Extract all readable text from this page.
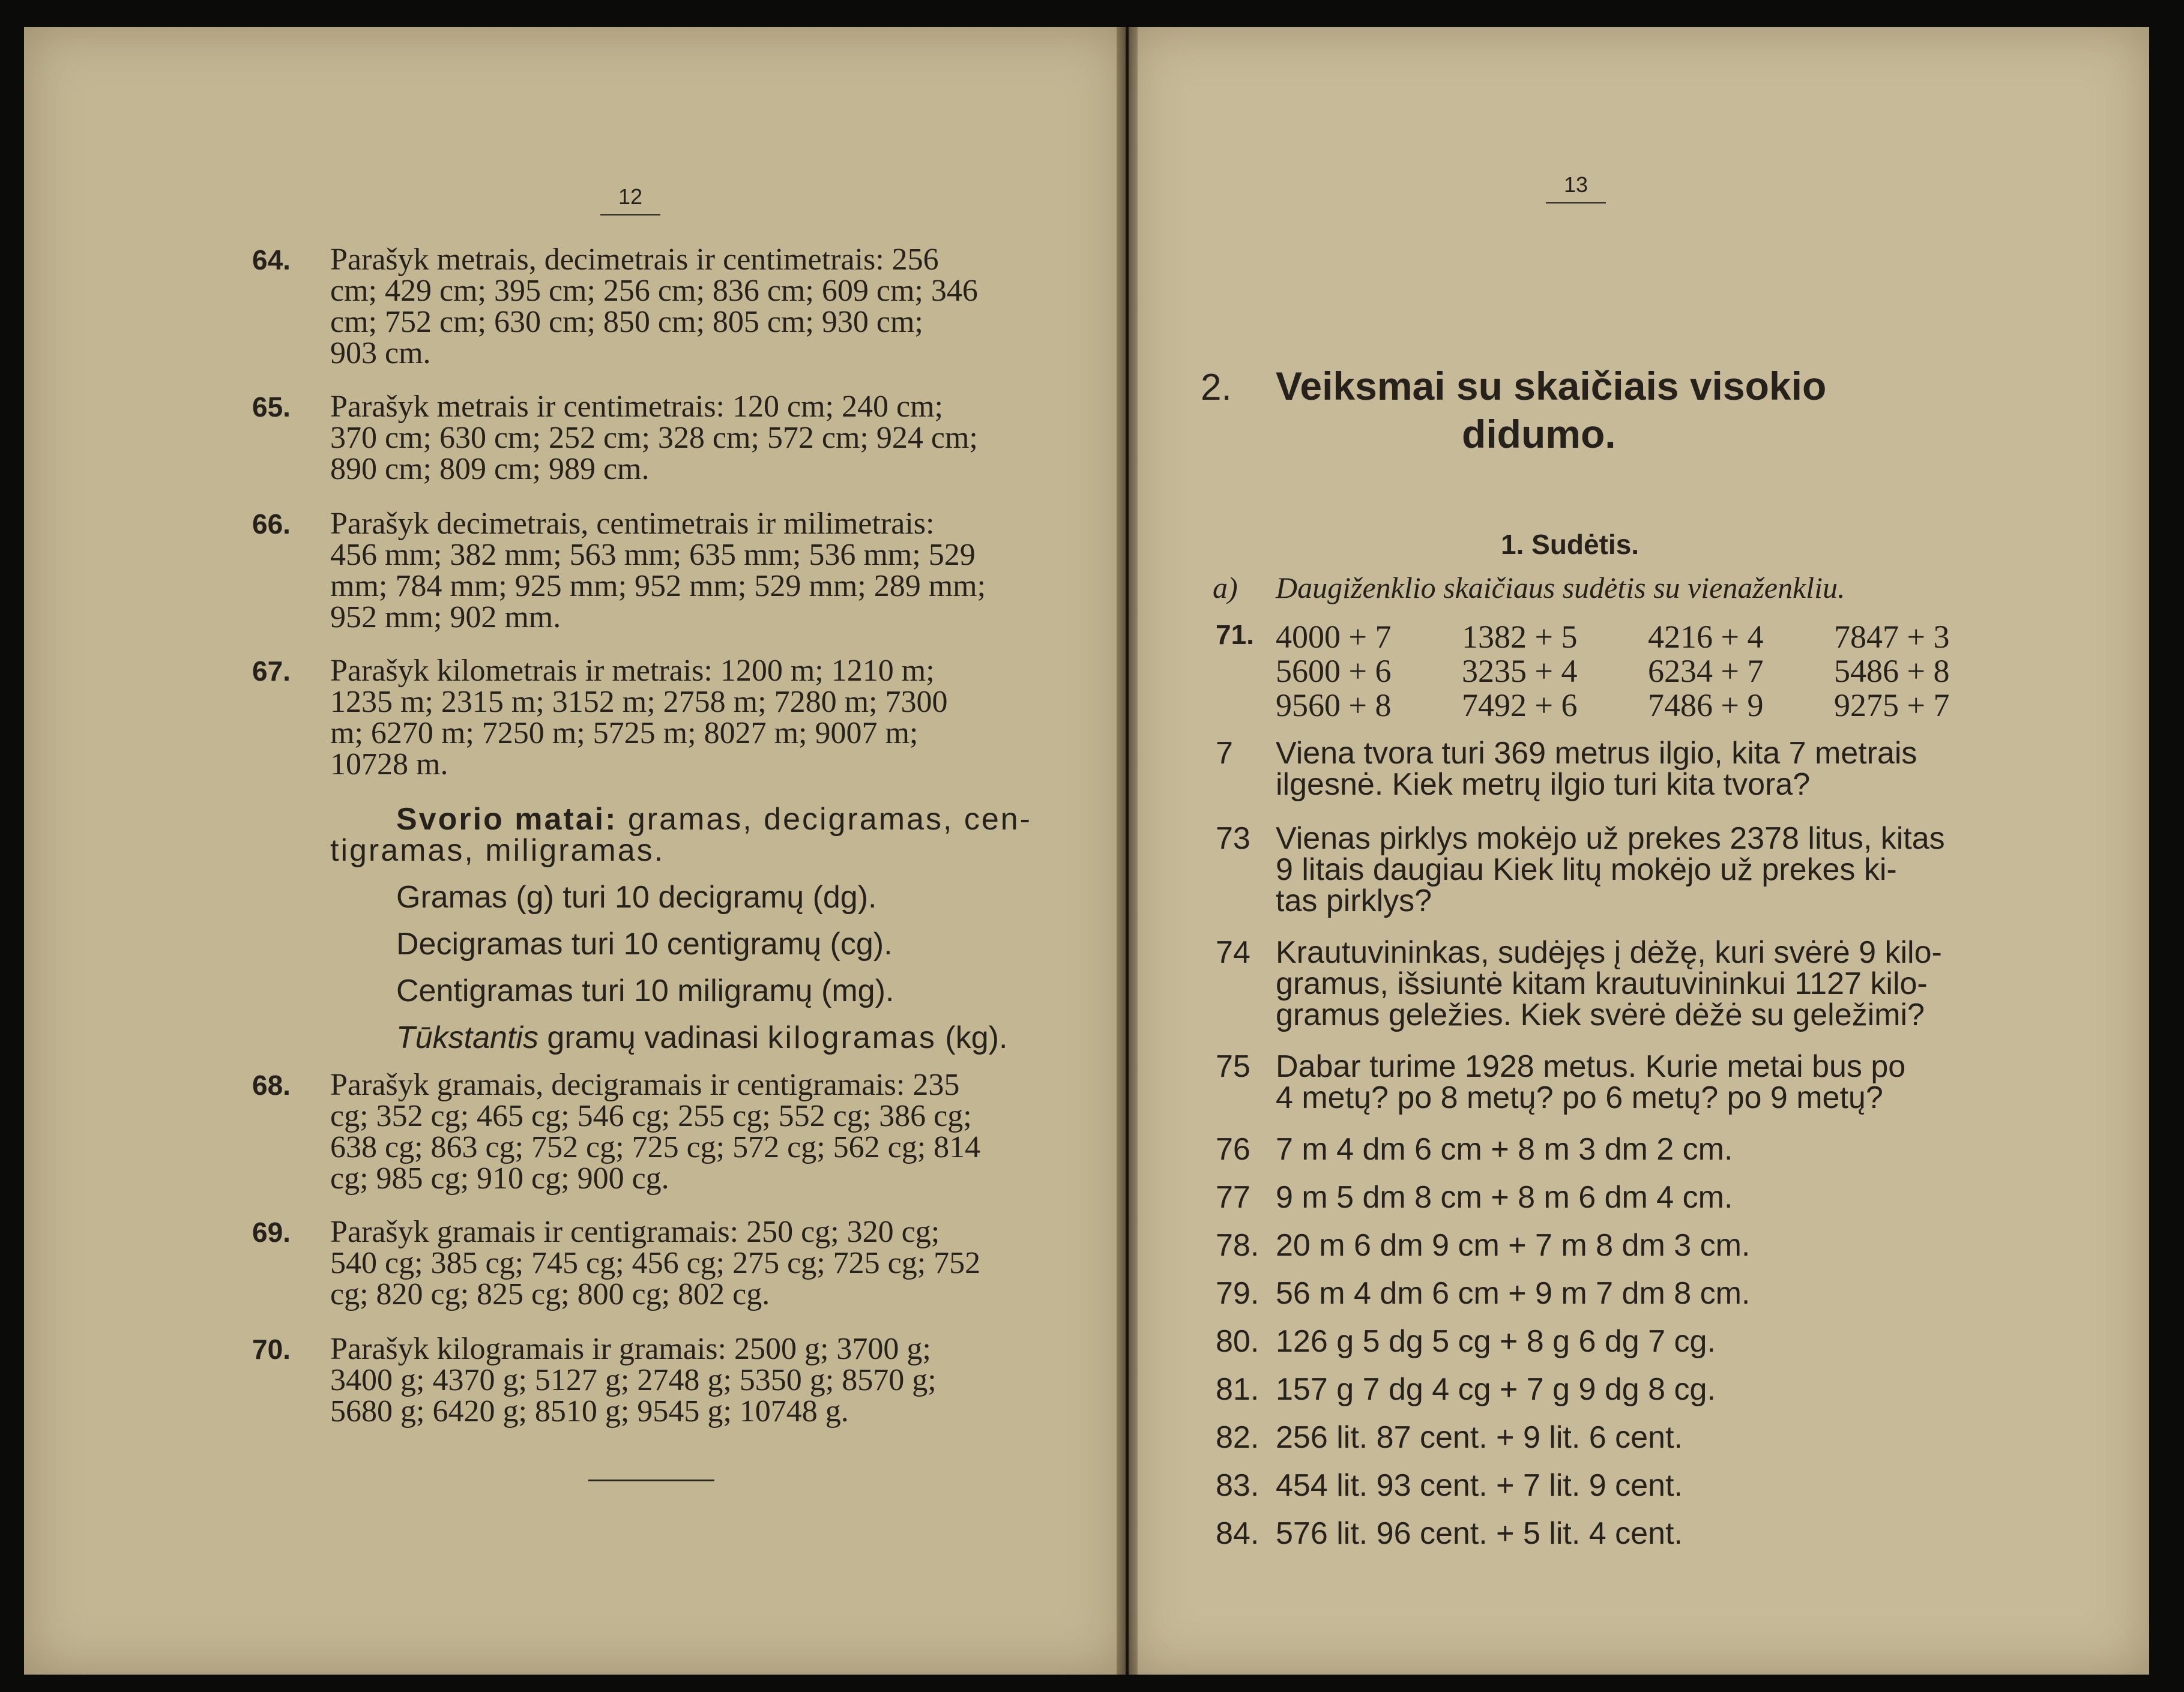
12
64. Parašyk metrais, decimetrais ir centimetrais: 256
cm; 429 cm; 395 cm; 256 cm; 836 cm; 609 cm; 346
cm; 752 cm; 630 cm; 850 cm; 805 cm; 930 cm;
903 cm.
65. Parašyk metrais ir centimetrais: 120 cm; 240 cm;
370 cm; 630 cm; 252 cm; 328 cm; 572 cm; 924 cm;
890 cm; 809 cm; 989 cm.
66. Parašyk decimetrais, centimetrais ir milimetrais:
456 mm; 382 mm; 563 mm; 635 mm; 536 mm; 529
mm; 784 mm; 925 mm; 952 mm; 529 mm; 289 mm;
952 mm; 902 mm.
67. Parašyk kilometrais ir metrais: 1200 m; 1210 m;
1235 m; 2315 m; 3152 m; 2758 m; 7280 m; 7300
m; 6270 m; 7250 m; 5725 m; 8027 m; 9007 m;
10728 m.
Svorio matai: gramas, decigramas, cen-
tigramas, miligramas.
Gramas (g) turi 10 decigramų (dg).
Decigramas turi 10 centigramų (cg).
Centigramas turi 10 miligramų (mg).
Tūkstantis gramų vadinasi kilogramas (kg).
68. Parašyk gramais, decigramais ir centigramais: 235
cg; 352 cg; 465 cg; 546 cg; 255 cg; 552 cg; 386 cg;
638 cg; 863 cg; 752 cg; 725 cg; 572 cg; 562 cg; 814
cg; 985 cg; 910 cg; 900 cg.
69. Parašyk gramais ir centigramais: 250 cg; 320 cg;
540 cg; 385 cg; 745 cg; 456 cg; 275 cg; 725 cg; 752
cg; 820 cg; 825 cg; 800 cg; 802 cg.
70. Parašyk kilogramais ir gramais: 2500 g; 3700 g;
3400 g; 4370 g; 5127 g; 2748 g; 5350 g; 8570 g;
5680 g; 6420 g; 8510 g; 9545 g; 10748 g.
13
2. Veiksmai su skaičiais visokio
didumo.
1. Sudėtis.
a) Daugiženklio skaičiaus sudėtis su vienaženkliu.
71. 4000 + 7 1382 + 5 4216 + 4 7847 + 3
5600 + 6 3235 + 4 6234 + 7 5486 + 8
9560 + 8 7492 + 6 7486 + 9 9275 + 7
7 Viena tvora turi 369 metrus ilgio, kita 7 metrais
ilgesnė. Kiek metrų ilgio turi kita tvora?
73 Vienas pirklys mokėjo už prekes 2378 litus, kitas
9 litais daugiau Kiek litų mokėjo už prekes ki-
tas pirklys?
74 Krautuvininkas, sudėjęs į dėžę, kuri svėrė 9 kilo-
gramus, išsiuntė kitam krautuvininkui 1127 kilo-
gramus geležies. Kiek svėrė dėžė su geležimi?
75 Dabar turime 1928 metus. Kurie metai bus po
4 metų? po 8 metų? po 6 metų? po 9 metų?
76 7 m 4 dm 6 cm + 8 m 3 dm 2 cm.
77 9 m 5 dm 8 cm + 8 m 6 dm 4 cm.
78. 20 m 6 dm 9 cm + 7 m 8 dm 3 cm.
79. 56 m 4 dm 6 cm + 9 m 7 dm 8 cm.
80. 126 g 5 dg 5 cg + 8 g 6 dg 7 cg.
81. 157 g 7 dg 4 cg + 7 g 9 dg 8 cg.
82. 256 lit. 87 cent. + 9 lit. 6 cent.
83. 454 lit. 93 cent. + 7 lit. 9 cent.
84. 576 lit. 96 cent. + 5 lit. 4 cent.
